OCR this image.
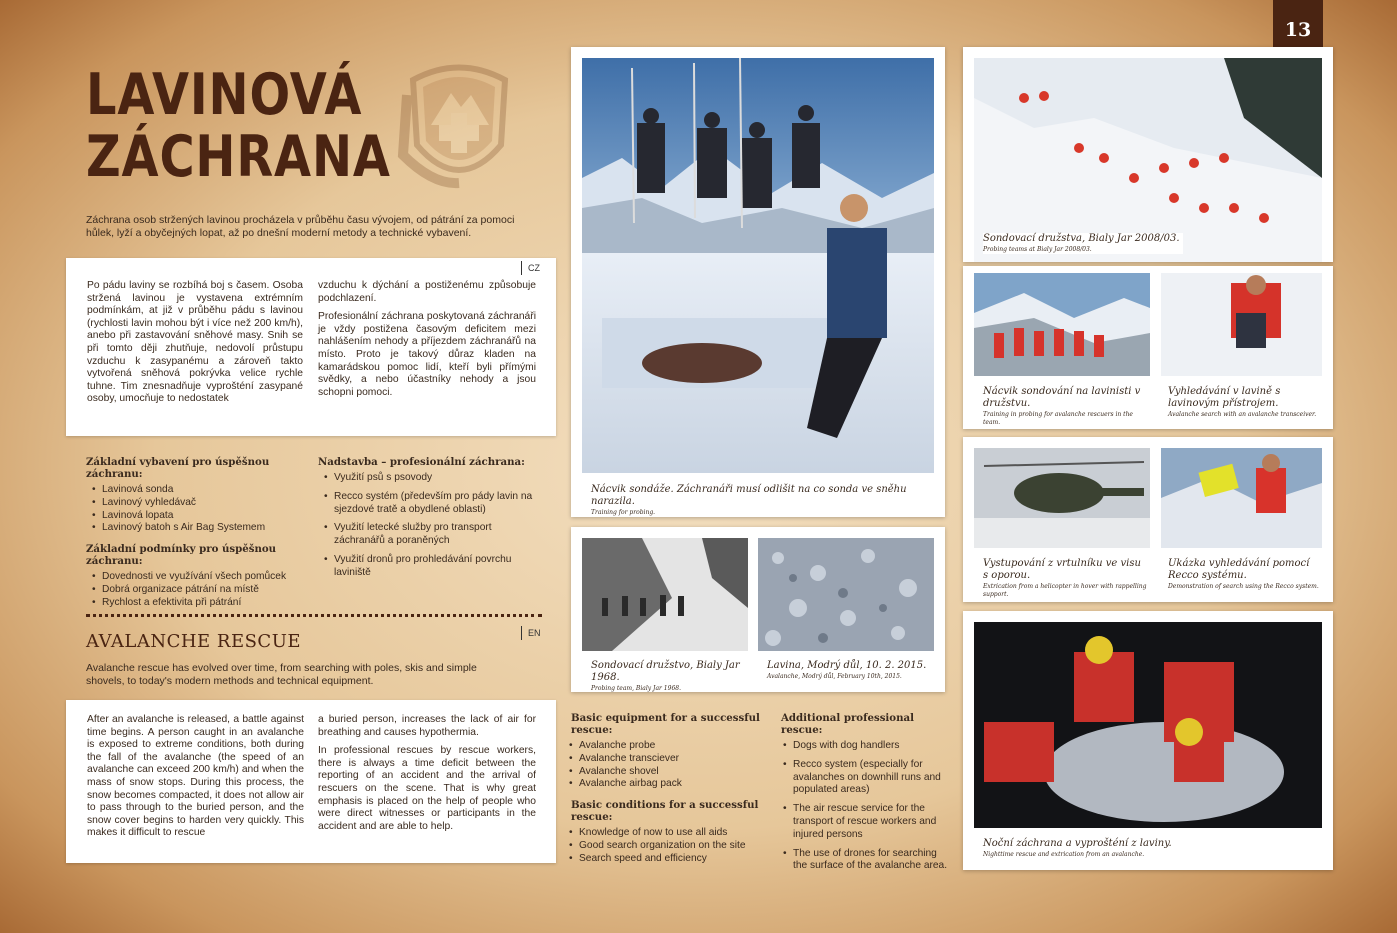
LAVINOVÁ
ZÁCHRANA
Záchrana osob stržených lavinou procházela v průběhu času vývojem, od pátrání za pomoci hůlek, lyží a obyčejných lopat, až po dnešní moderní metody a technické vybavení.
CZ

Po pádu laviny se rozbíhá boj s časem. Osoba stržená lavinou je vystavena extrémním podmínkám, at již v průběhu pádu s lavinou (rychlosti lavin mohou být i více než 200 km/h), anebo při zastavování sněhové masy. Snih se při tomto ději zhutňuje, nedovolí průstupu vzduchu k zasypanému a zároveň takto vytvořená sněhová pokrývka velice rychle tuhne. Tim znesnadňuje vyprošténí zasypané osoby, umocňuje to nedostatek

vzduchu k dýchání a postiženému způsobuje podchlazení.

Profesionální záchrana poskytovaná záchranáři je vždy postižena časovým deficitem mezi nahlášením nehody a příjezdem záchranářů na místo. Proto je takový důraz kladen na kamarádskou pomoc lidí, kteří byli přímými svědky, a nebo účastníky nehody a jsou schopni pomoci.

Základní vybavení pro úspěšnou záchranu:
• Lavinová sonda
• Lavinový vyhledávač
• Lavinová lopata
• Lavinový batoh s Air Bag Systemem
Základní podmínky pro úspěšnou záchranu:
• Dovednosti ve využívání všech pomůcek
• Dobrá organizace pátrání na místě
• Rychlost a efektivita při pátrání
Nadstavba – profesionální záchrana:
• Využití psů s psovody
• Recco systém (především pro pády lavin na sjezdové tratě a obydlené oblasti)
• Využití letecké služby pro transport záchranářů a poraněných
• Využití dronů pro prohledávání povrchu laviniště
AVALANCHE RESCUE	EN
Avalanche rescue has evolved over time, from searching with poles, skis and simple shovels, to today's modern methods and technical equipment.

After an avalanche is released, a battle against time begins. A person caught in an avalanche is exposed to extreme conditions, both during the fall of the avalanche (the speed of an avalanche can exceed 200 km/h) and when the mass of snow stops. During this process, the snow becomes compacted, it does not allow air to pass through to the buried person, and the snow cover begins to harden very quickly. This makes it difficult to rescue

a buried person, increases the lack of air for breathing and causes hypothermia.

In professional rescues by rescue workers, there is always a time deficit between the reporting of an accident and the arrival of rescuers on the scene. That is why great emphasis is placed on the help of people who were direct witnesses or participants in the accident and are able to help.

13
Nácvik sondáže. Záchranáři musí odlišit na co sonda ve sněhu narazila.
Training for probing.
Sondovací družstvo, Bialy Jar 1968.
Probing team, Bialy Jar 1968.
Lavina, Modrý důl, 10. 2. 2015.
Avalanche, Modrý důl, February 10th, 2015.
Basic equipment for a successful rescue:
• Avalanche probe
• Avalanche transciever
• Avalanche shovel
• Avalanche airbag pack
Basic conditions for a successful rescue:
• Knowledge of now to use all aids
• Good search organization on the site
• Search speed and efficiency
Additional professional rescue:
• Dogs with dog handlers
• Recco system (especially for avalanches on downhill runs and populated areas)
• The air rescue service for the transport of rescue workers and injured persons
• The use of drones for searching the surface of the avalanche area.
Sondovací družstva, Bialy Jar 2008/03.
Probing teams at Bialy Jar 2008/03.
Nácvik sondování na lavinisti v družstvu.
Training in probing for avalanche rescuers in the team.
Vyhledávání v lavině s lavinovým přístrojem.
Avalanche search with an avalanche transceiver.
Vystupování z vrtulníku ve visu s oporou.
Extrication from a helicopter in hover with rappelling support.
Ukázka vyhledávání pomocí Recco systému.
Demonstration of search using the Recco system.
Noční záchrana a vyprošténí z laviny.
Nighttime rescue and extrication from an avalanche.
